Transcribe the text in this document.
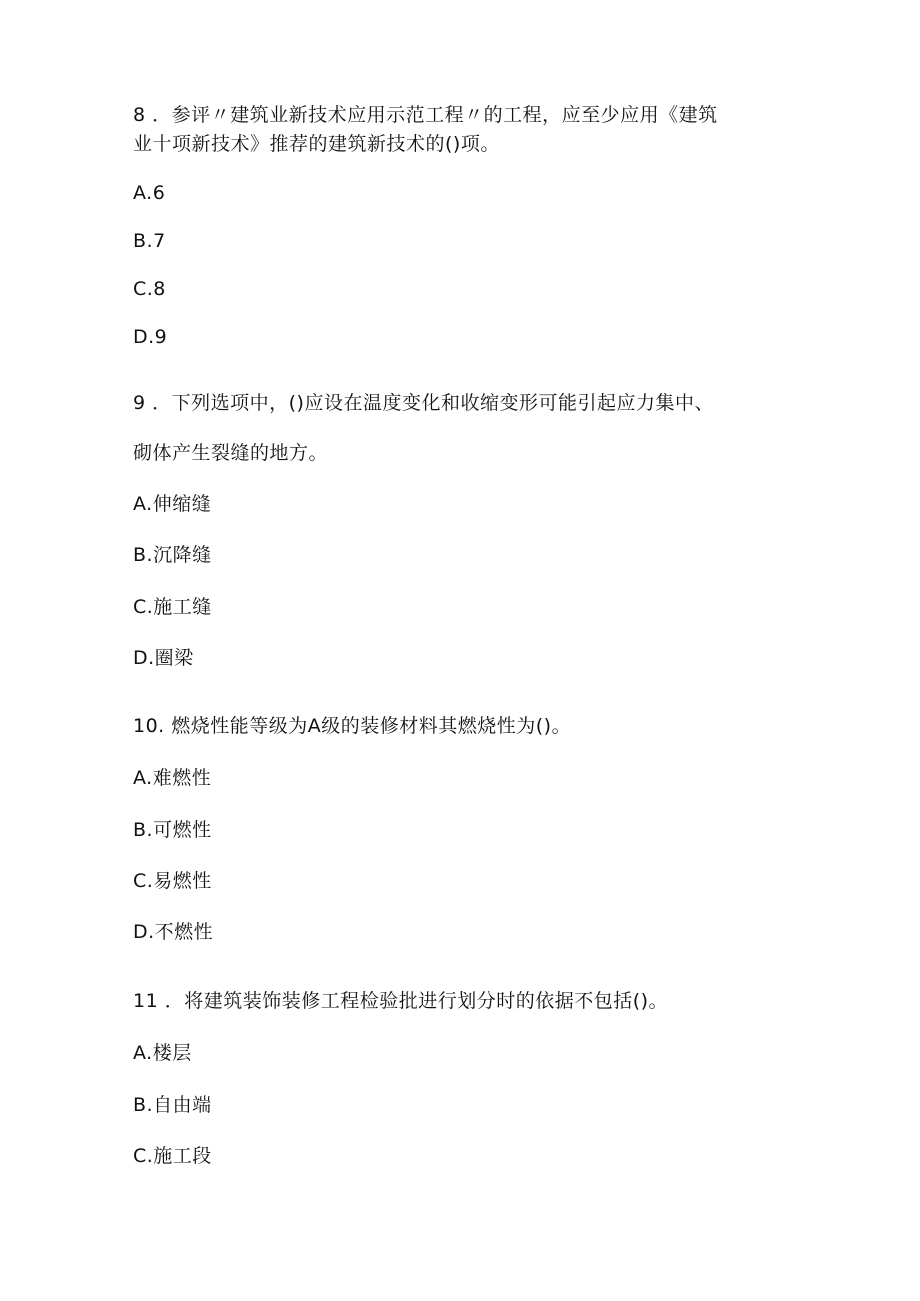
8 ．参评〃建筑业新技术应用示范工程〃的工程，应至少应用《建筑
业十项新技术》推荐的建筑新技术的()项。
A.6
B.7
C.8
D.9
9 ．下列选项中，()应设在温度变化和收缩变形可能引起应力集中、
砌体产生裂缝的地方。
A.伸缩缝
B.沉降缝
C.施工缝
D.圈梁
10. 燃烧性能等级为A级的装修材料其燃烧性为()。
A.难燃性
B.可燃性
C.易燃性
D.不燃性
11 ．将建筑装饰装修工程检验批进行划分时的依据不包括()。
A.楼层
B.自由端
C.施工段
